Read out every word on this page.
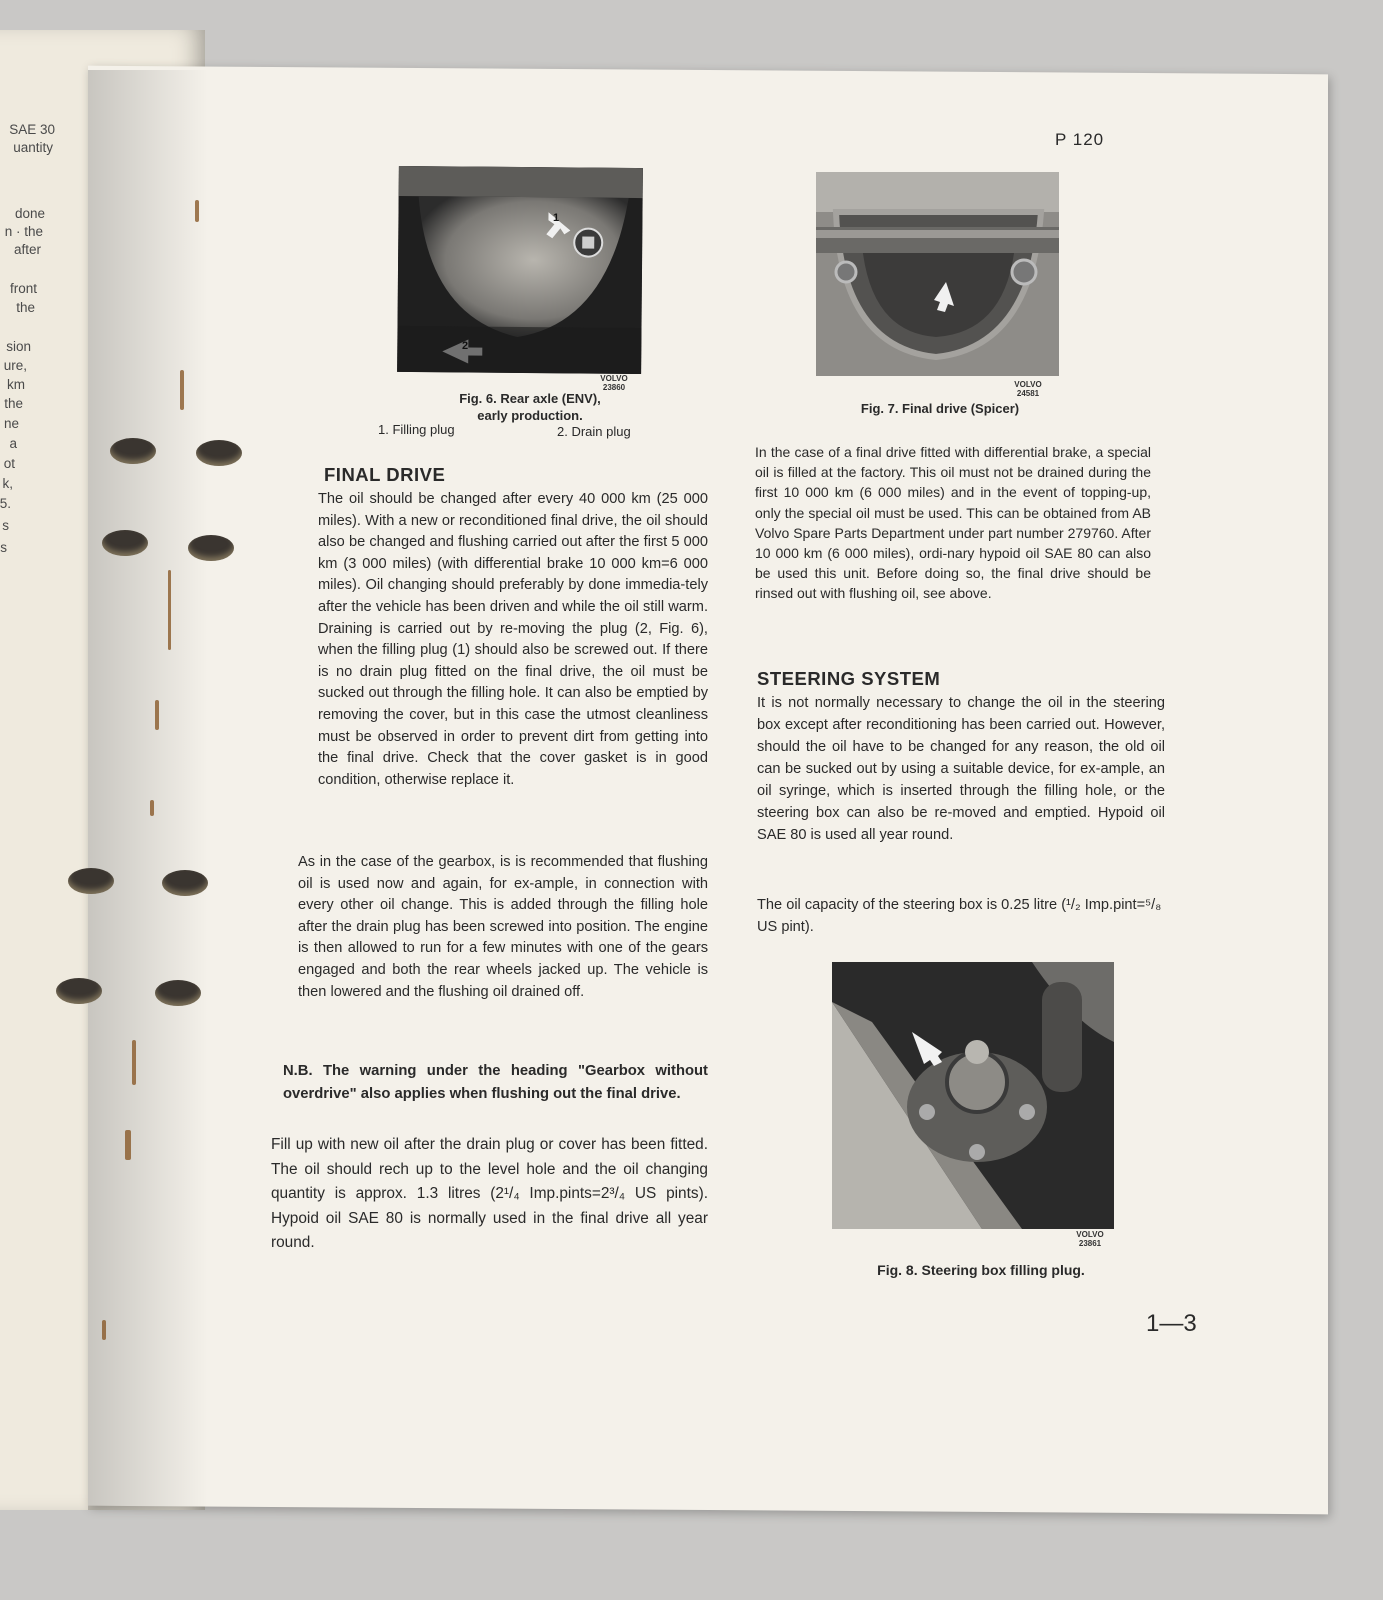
SAE 30
uantity
done
n · the
after
front
the
sion
ure,
km
the
ne
a
ot
k,
5.
s
s
P 120
1
2
VOLVO
23860
Fig. 6. Rear axle (ENV),
early production.
1. Filling plug	2. Drain plug
VOLVO
24581
Fig. 7. Final drive (Spicer)
FINAL DRIVE

The oil should be changed after every 40 000 km (25 000 miles). With a new or reconditioned final drive, the oil should also be changed and flushing carried out after the first 5 000 km (3 000 miles) (with differential brake 10 000 km=6 000 miles). Oil changing should preferably by done immedia-tely after the vehicle has been driven and while the oil still warm. Draining is carried out by re-moving the plug (2, Fig. 6), when the filling plug (1) should also be screwed out. If there is no drain plug fitted on the final drive, the oil must be sucked out through the filling hole. It can also be emptied by removing the cover, but in this case the utmost cleanliness must be observed in order to prevent dirt from getting into the final drive. Check that the cover gasket is in good condition, otherwise replace it.

As in the case of the gearbox, is is recommended that flushing oil is used now and again, for ex-ample, in connection with every other oil change. This is added through the filling hole after the drain plug has been screwed into position. The engine is then allowed to run for a few minutes with one of the gears engaged and both the rear wheels jacked up. The vehicle is then lowered and the flushing oil drained off.

N.B. The warning under the heading "Gearbox without overdrive" also applies when flushing out the final drive.

Fill up with new oil after the drain plug or cover has been fitted. The oil should rech up to the level hole and the oil changing quantity is approx. 1.3 litres (2¹/₄ Imp.pints=2³/₄ US pints). Hypoid oil SAE 80 is normally used in the final drive all year round.

In the case of a final drive fitted with differential brake, a special oil is filled at the factory. This oil must not be drained during the first 10 000 km (6 000 miles) and in the event of topping-up, only the special oil must be used. This can be obtained from AB Volvo Spare Parts Department under part number 279760. After 10 000 km (6 000 miles), ordi-nary hypoid oil SAE 80 can also be used this unit. Before doing so, the final drive should be rinsed out with flushing oil, see above.

STEERING SYSTEM

It is not normally necessary to change the oil in the steering box except after reconditioning has been carried out. However, should the oil have to be changed for any reason, the old oil can be sucked out by using a suitable device, for ex-ample, an oil syringe, which is inserted through the filling hole, or the steering box can also be re-moved and emptied. Hypoid oil SAE 80 is used all year round.

The oil capacity of the steering box is 0.25 litre (¹/₂ Imp.pint=⁵/₈ US pint).

VOLVO
23861
Fig. 8. Steering box filling plug.
1—3
